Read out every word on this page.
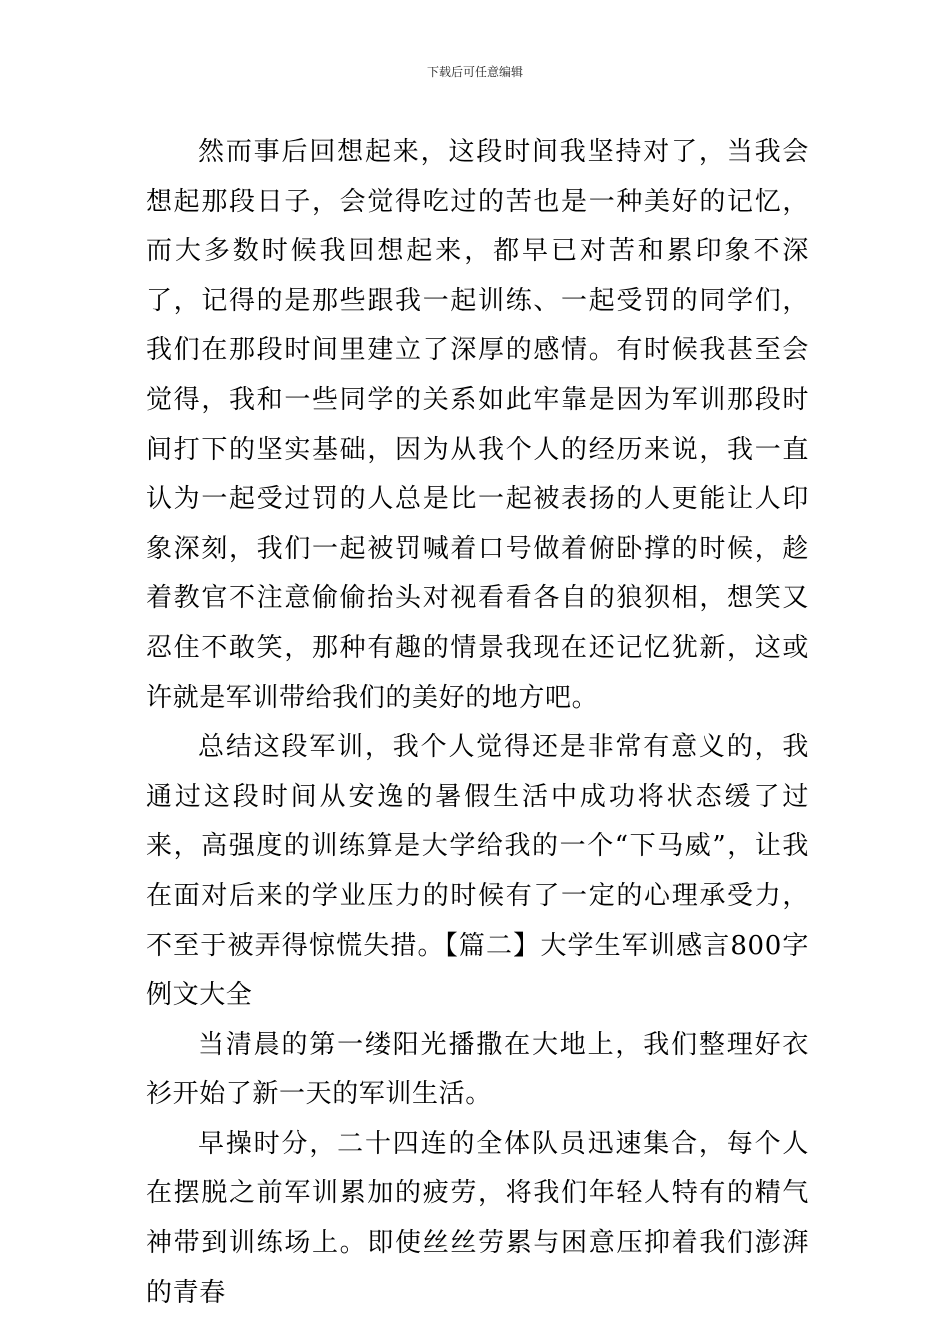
下载后可任意编辑

然而事后回想起来，这段时间我坚持对了，当我会想起那段日子，会觉得吃过的苦也是一种美好的记忆，而大多数时候我回想起来，都早已对苦和累印象不深了，记得的是那些跟我一起训练、一起受罚的同学们，我们在那段时间里建立了深厚的感情。有时候我甚至会觉得，我和一些同学的关系如此牢靠是因为军训那段时间打下的坚实基础，因为从我个人的经历来说，我一直认为一起受过罚的人总是比一起被表扬的人更能让人印象深刻，我们一起被罚喊着口号做着俯卧撑的时候，趁着教官不注意偷偷抬头对视看看各自的狼狈相，想笑又忍住不敢笑，那种有趣的情景我现在还记忆犹新，这或许就是军训带给我们的美好的地方吧。

总结这段军训，我个人觉得还是非常有意义的，我通过这段时间从安逸的暑假生活中成功将状态缓了过来，高强度的训练算是大学给我的一个“下马威”，让我在面对后来的学业压力的时候有了一定的心理承受力，不至于被弄得惊慌失措。【篇二】大学生军训感言800字例文大全

当清晨的第一缕阳光播撒在大地上，我们整理好衣衫开始了新一天的军训生活。

早操时分，二十四连的全体队员迅速集合，每个人在摆脱之前军训累加的疲劳，将我们年轻人特有的精气神带到训练场上。即使丝丝劳累与困意压抑着我们澎湃的青春
